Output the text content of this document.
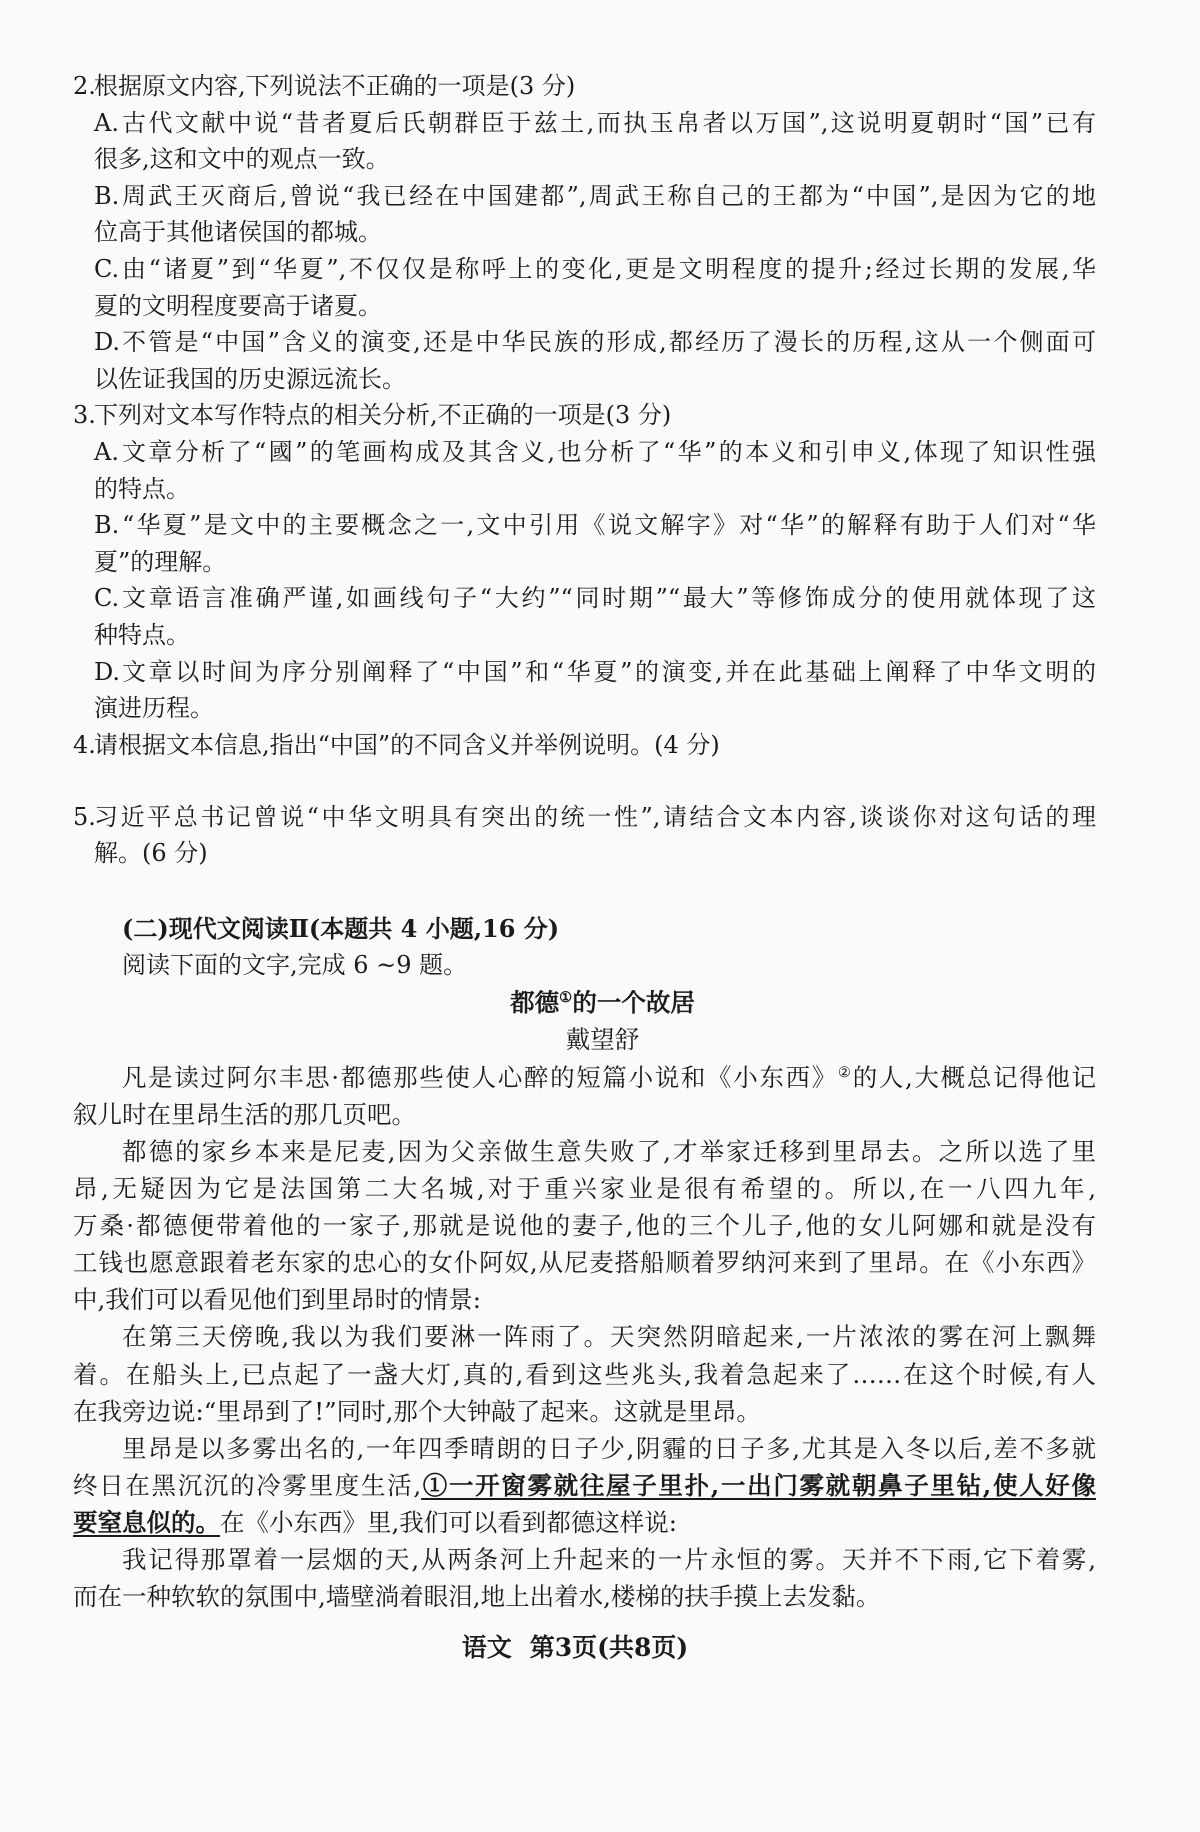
2.
根据原文内容,下列说法不正确的一项是(3 分)
A. 古代文献中说“昔者夏后氏朝群臣于兹土,而执玉帛者以万国”,这说明夏朝时“国”已有
很多,这和文中的观点一致。
B. 周武王灭商后,曾说“我已经在中国建都”,周武王称自己的王都为“中国”,是因为它的地
位高于其他诸侯国的都城。
C. 由“诸夏”到“华夏”,不仅仅是称呼上的变化,更是文明程度的提升;经过长期的发展,华
夏的文明程度要高于诸夏。
D. 不管是“中国”含义的演变,还是中华民族的形成,都经历了漫长的历程,这从一个侧面可
以佐证我国的历史源远流长。
3.
下列对文本写作特点的相关分析,不正确的一项是(3 分)
A. 文章分析了“國”的笔画构成及其含义,也分析了“华”的本义和引申义,体现了知识性强
的特点。
B. “华夏”是文中的主要概念之一,文中引用《说文解字》对“华”的解释有助于人们对“华
夏”的理解。
C. 文章语言准确严谨,如画线句子“大约”“同时期”“最大”等修饰成分的使用就体现了这
种特点。
D. 文章以时间为序分别阐释了“中国”和“华夏”的演变,并在此基础上阐释了中华文明的
演进历程。
4.
请根据文本信息,指出“中国”的不同含义并举例说明。(4 分)
5.
习近平总书记曾说“中华文明具有突出的统一性”,请结合文本内容,谈谈你对这句话的理
解。(6 分)
(二)现代文阅读Ⅱ(本题共 4 小题,16 分)
阅读下面的文字,完成 6 ~9 题。
都德①的一个故居
戴望舒
凡是读过阿尔丰思·都德那些使人心醉的短篇小说和《小东西》②的人,大概总记得他记
叙儿时在里昂生活的那几页吧。
都德的家乡本来是尼麦,因为父亲做生意失败了,才举家迁移到里昂去。之所以选了里
昂,无疑因为它是法国第二大名城,对于重兴家业是很有希望的。所以,在一八四九年,
万桑·都德便带着他的一家子,那就是说他的妻子,他的三个儿子,他的女儿阿娜和就是没有
工钱也愿意跟着老东家的忠心的女仆阿奴,从尼麦搭船顺着罗纳河来到了里昂。在《小东西》
中,我们可以看见他们到里昂时的情景:
在第三天傍晚,我以为我们要淋一阵雨了。天突然阴暗起来,一片浓浓的雾在河上飘舞
着。在船头上,已点起了一盏大灯,真的,看到这些兆头,我着急起来了……在这个时候,有人
在我旁边说:“里昂到了!”同时,那个大钟敲了起来。这就是里昂。
里昂是以多雾出名的,一年四季晴朗的日子少,阴霾的日子多,尤其是入冬以后,差不多就
终日在黑沉沉的冷雾里度生活,①一开窗雾就往屋子里扑,一出门雾就朝鼻子里钻,使人好像
要窒息似的。在《小东西》里,我们可以看到都德这样说:
我记得那罩着一层烟的天,从两条河上升起来的一片永恒的雾。天并不下雨,它下着雾,
而在一种软软的氛围中,墙壁淌着眼泪,地上出着水,楼梯的扶手摸上去发黏。
语文 第3页(共8页)
